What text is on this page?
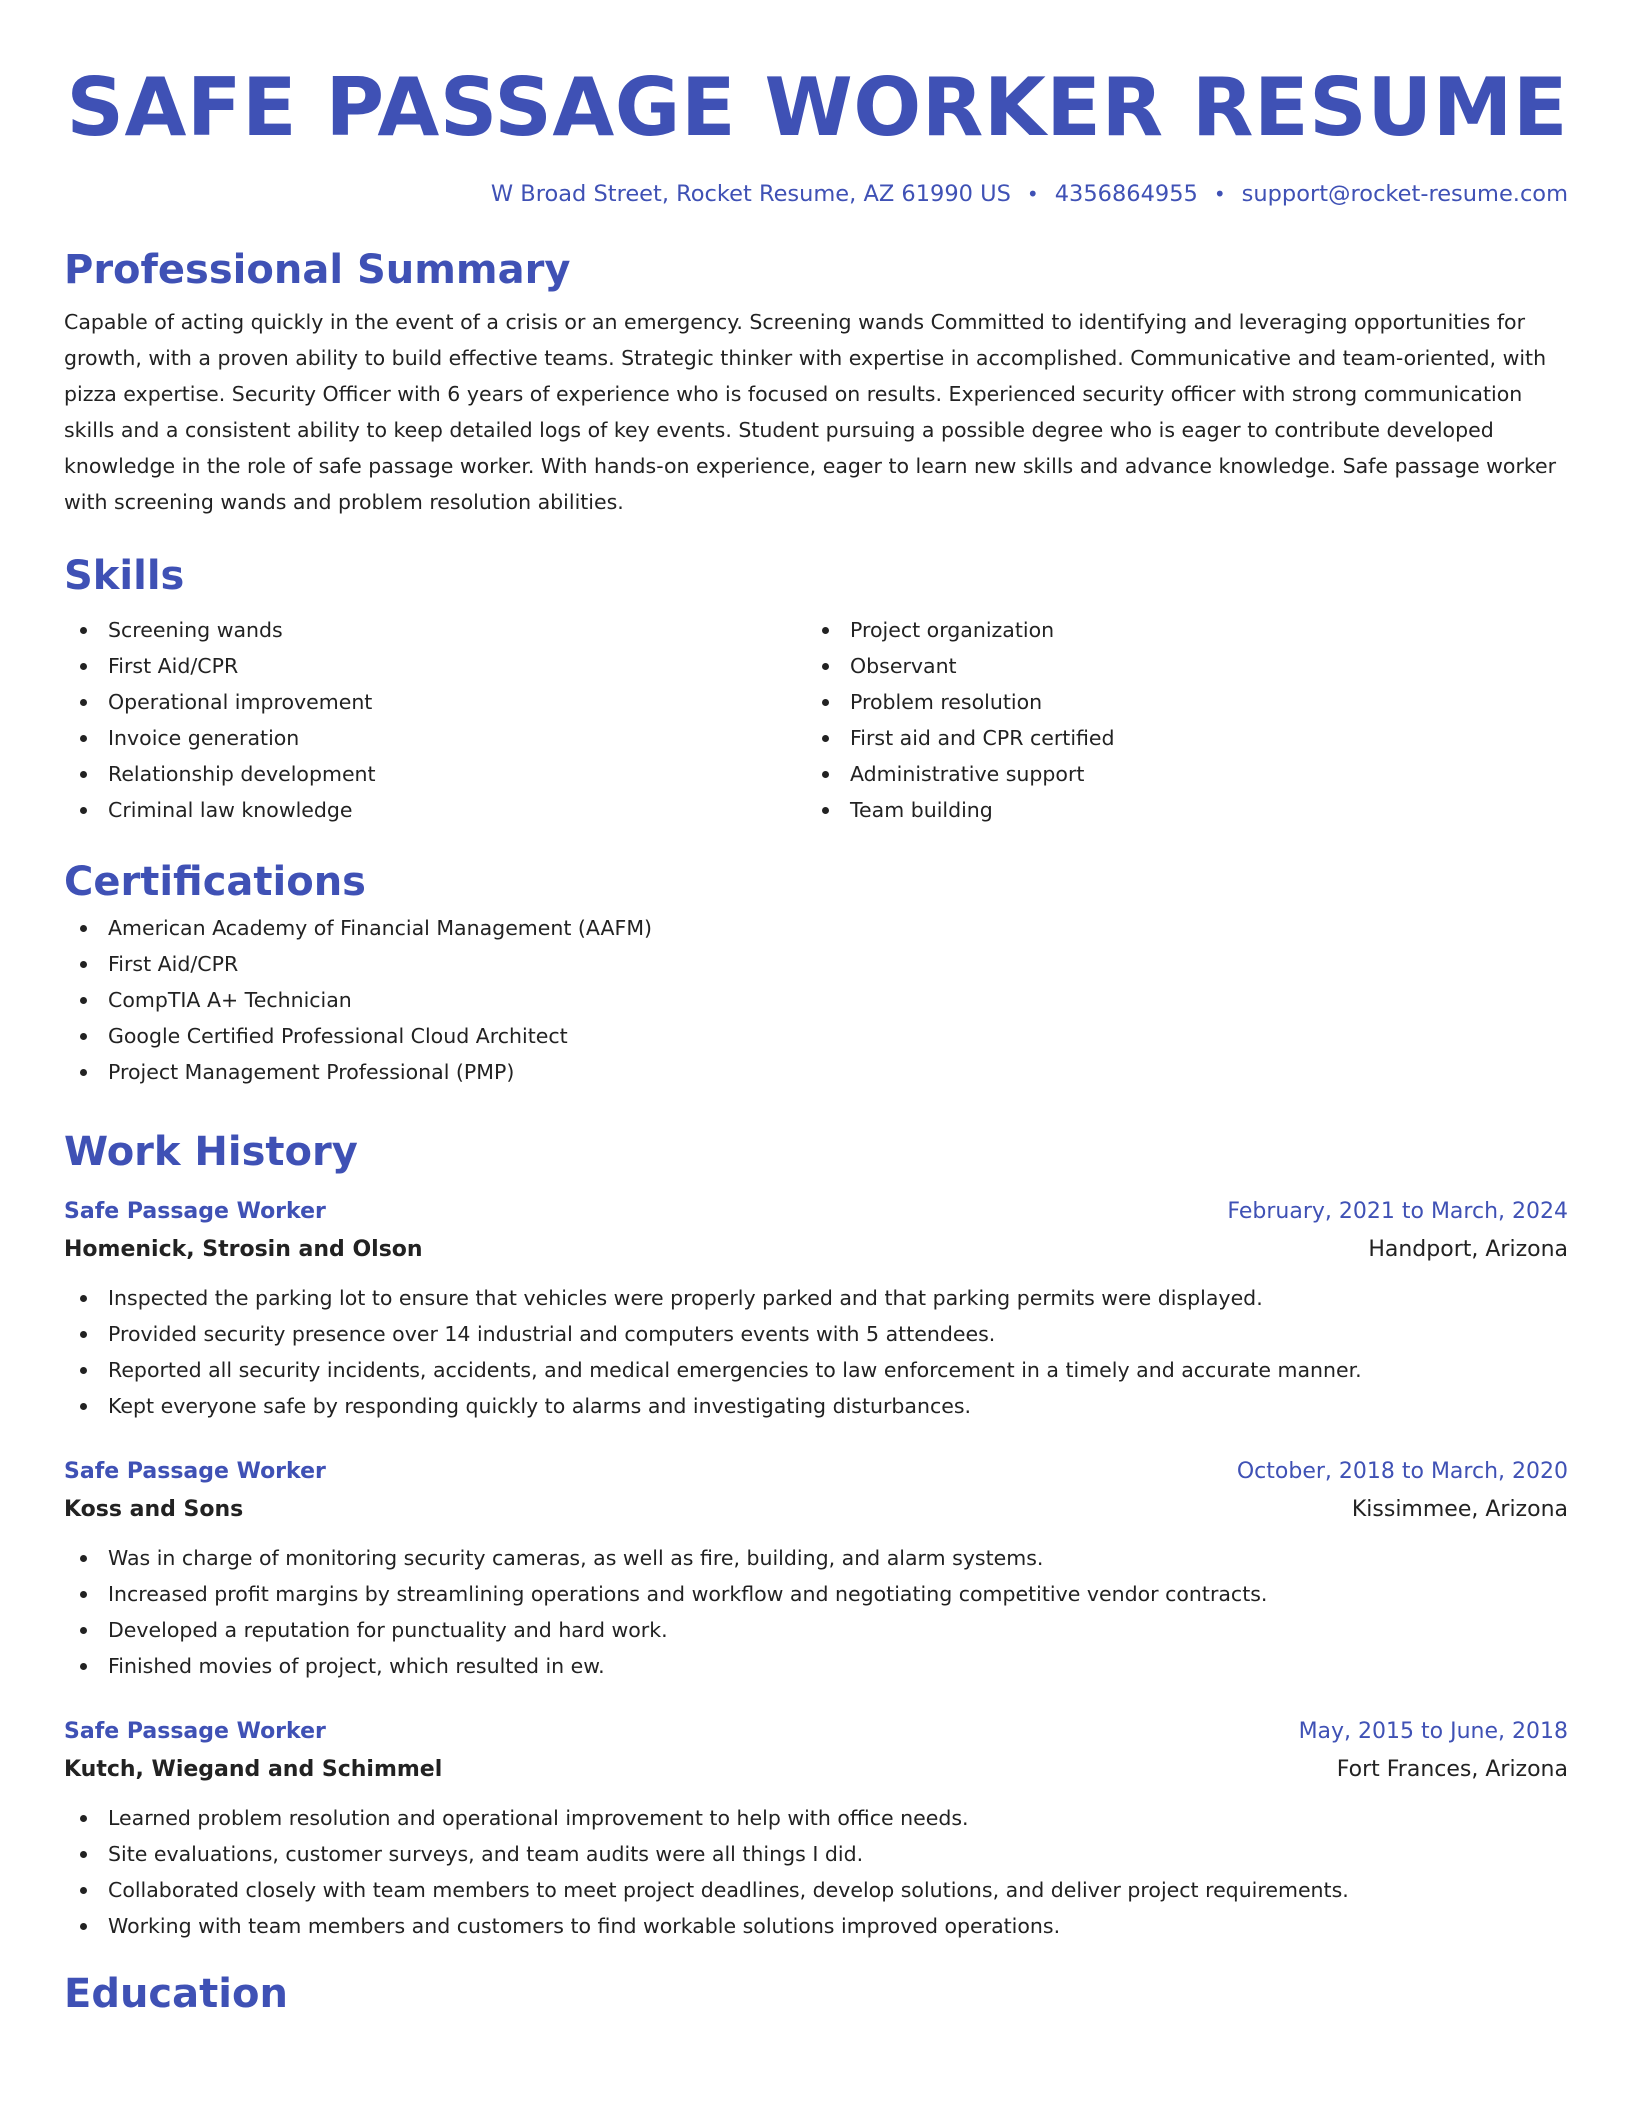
SAFE PASSAGE WORKER RESUME
W Broad Street, Rocket Resume, AZ 61990 US • 4356864955 • support@rocket-resume.com
Professional Summary

Capable of acting quickly in the event of a crisis or an emergency. Screening wands Committed to identifying and leveraging opportunities for growth, with a proven ability to build effective teams. Strategic thinker with expertise in accomplished. Communicative and team-oriented, with pizza expertise. Security Officer with 6 years of experience who is focused on results. Experienced security officer with strong communication skills and a consistent ability to keep detailed logs of key events. Student pursuing a possible degree who is eager to contribute developed knowledge in the role of safe passage worker. With hands-on experience, eager to learn new skills and advance knowledge. Safe passage worker with screening wands and problem resolution abilities.

Skills
Screening wands
First Aid/CPR
Operational improvement
Invoice generation
Relationship development
Criminal law knowledge
Project organization
Observant
Problem resolution
First aid and CPR certified
Administrative support
Team building
Certifications
American Academy of Financial Management (AAFM)
First Aid/CPR
CompTIA A+ Technician
Google Certified Professional Cloud Architect
Project Management Professional (PMP)
Work History
Safe Passage Worker	February, 2021 to March, 2024
Homenick, Strosin and Olson	Handport, Arizona
Inspected the parking lot to ensure that vehicles were properly parked and that parking permits were displayed.
Provided security presence over 14 industrial and computers events with 5 attendees.
Reported all security incidents, accidents, and medical emergencies to law enforcement in a timely and accurate manner.
Kept everyone safe by responding quickly to alarms and investigating disturbances.
Safe Passage Worker	October, 2018 to March, 2020
Koss and Sons	Kissimmee, Arizona
Was in charge of monitoring security cameras, as well as fire, building, and alarm systems.
Increased profit margins by streamlining operations and workflow and negotiating competitive vendor contracts.
Developed a reputation for punctuality and hard work.
Finished movies of project, which resulted in ew.
Safe Passage Worker	May, 2015 to June, 2018
Kutch, Wiegand and Schimmel	Fort Frances, Arizona
Learned problem resolution and operational improvement to help with office needs.
Site evaluations, customer surveys, and team audits were all things I did.
Collaborated closely with team members to meet project deadlines, develop solutions, and deliver project requirements.
Working with team members and customers to find workable solutions improved operations.
Education
